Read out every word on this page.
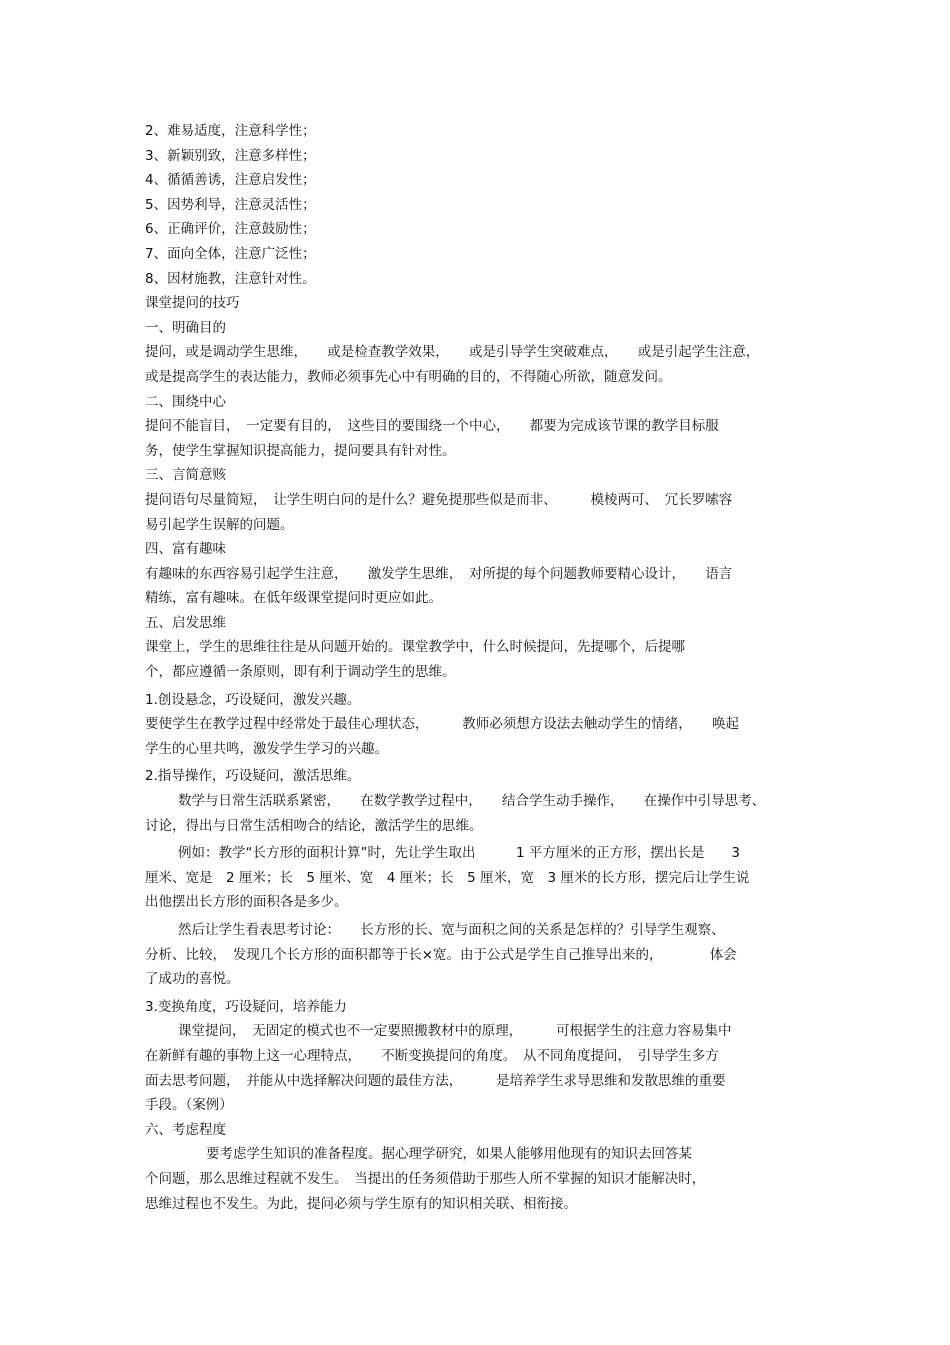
2、难易适度，注意科学性；
3、新颖别致，注意多样性；
4、循循善诱，注意启发性；
5、因势利导，注意灵活性；
6、正确评价，注意鼓励性；
7、面向全体，注意广泛性；
8、因材施教，注意针对性。
课堂提问的技巧
一、明确目的
提问，或是调动学生思维，　　或是检查教学效果，　　或是引导学生突破难点，　　或是引起学生注意，
或是提高学生的表达能力，教师必须事先心中有明确的目的，不得随心所欲，随意发问。
二、围绕中心
提问不能盲目，　一定要有目的，　这些目的要围绕一个中心，　　都要为完成该节课的教学目标服
务，使学生掌握知识提高能力，提问要具有针对性。
三、言简意赅
提问语句尽量简短，　让学生明白问的是什么？避免提那些似是而非、　　　模棱两可、　冗长罗嗦容
易引起学生误解的问题。
四、富有趣味
有趣味的东西容易引起学生注意，　　激发学生思维，　对所提的每个问题教师要精心设计，　　语言
精练，富有趣味。在低年级课堂提问时更应如此。
五、启发思维
课堂上，学生的思维往往是从问题开始的。课堂教学中，什么时候提问，先提哪个，后提哪
个，都应遵循一条原则，即有利于调动学生的思维。
1.创设悬念，巧设疑问，激发兴趣。
要使学生在教学过程中经常处于最佳心理状态，　　　教师必须想方设法去触动学生的情绪，　　唤起
学生的心里共鸣，激发学生学习的兴趣。
2.指导操作，巧设疑问，激活思维。
数学与日常生活联系紧密，　　在数学教学过程中，　　结合学生动手操作，　　在操作中引导思考、
讨论，得出与日常生活相吻合的结论，激活学生的思维。
例如：教学“长方形的面积计算”时，先让学生取出　　　1 平方厘米的正方形，摆出长是　　3
厘米、宽是　2 厘米；长　5 厘米、宽　4 厘米；长　5 厘米，宽　3 厘米的长方形，摆完后让学生说
出他摆出长方形的面积各是多少。
然后让学生看表思考讨论：　　长方形的长、宽与面积之间的关系是怎样的？引导学生观察、
分析、比较，　发现几个长方形的面积都等于长×宽。由于公式是学生自己推导出来的，　　　　体会
了成功的喜悦。
3.变换角度，巧设疑问，培养能力
课堂提问，　无固定的模式也不一定要照搬教材中的原理，　　　可根据学生的注意力容易集中
在新鲜有趣的事物上这一心理特点，　　不断变换提问的角度。　从不同角度提问，　引导学生多方
面去思考问题，　并能从中选择解决问题的最佳方法，　　　是培养学生求导思维和发散思维的重要
手段。（案例）
六、考虑程度
要考虑学生知识的准备程度。据心理学研究，如果人能够用他现有的知识去回答某
个问题，那么思维过程就不发生。　当提出的任务须借助于那些人所不掌握的知识才能解决时，
思维过程也不发生。为此，提问必须与学生原有的知识相关联、相衔接。
